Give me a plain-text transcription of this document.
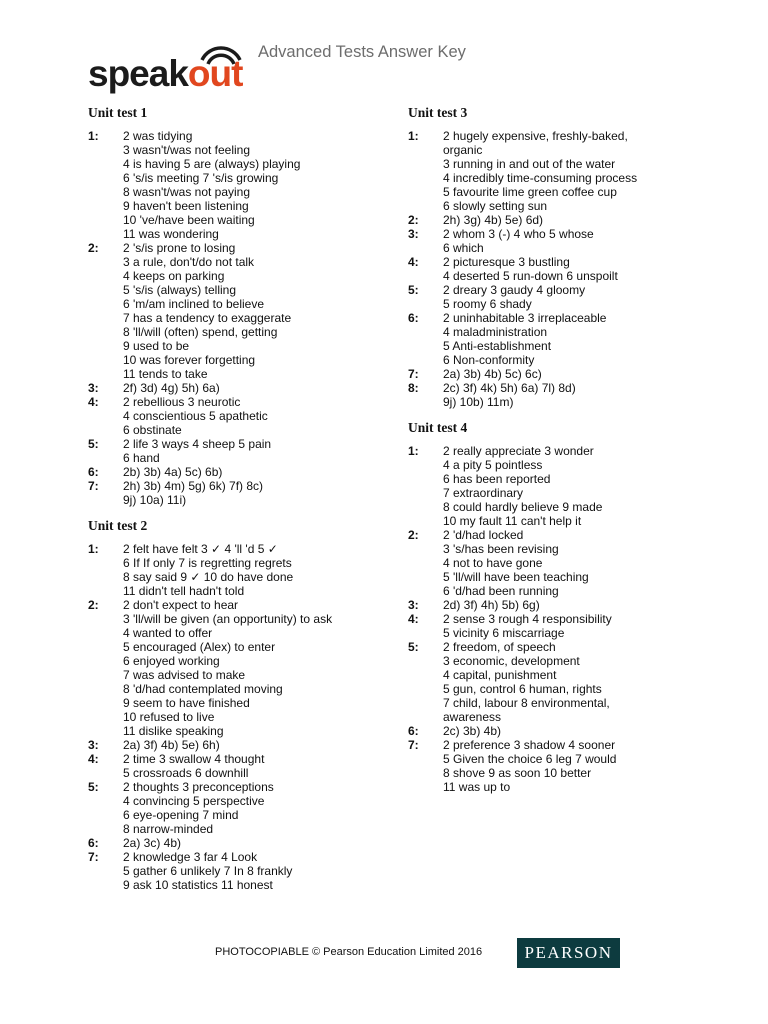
speakout
Advanced Tests Answer Key
Unit test 1
1:	2 was tidying
3 wasn't/was not feeling
4 is having 5 are (always) playing
6 's/is meeting 7 's/is growing
8 wasn't/was not paying
9 haven't been listening
10 've/have been waiting
11 was wondering
2:	2 's/is prone to losing
3 a rule, don't/do not talk
4 keeps on parking
5 's/is (always) telling
6 'm/am inclined to believe
7 has a tendency to exaggerate
8 'll/will (often) spend, getting
9 used to be
10 was forever forgetting
11 tends to take
3:	2f) 3d) 4g) 5h) 6a)
4:	2 rebellious 3 neurotic
4 conscientious 5 apathetic
6 obstinate
5:	2 life 3 ways 4 sheep 5 pain
6 hand
6:	2b) 3b) 4a) 5c) 6b)
7:	2h) 3b) 4m) 5g) 6k) 7f) 8c)
9j) 10a) 11i)
Unit test 2
1:	2 felt have felt 3 ✓ 4 'll 'd 5 ✓
6 If If only 7 is regretting regrets
8 say said 9 ✓ 10 do have done
11 didn't tell hadn't told
2:	2 don't expect to hear
3 'll/will be given (an opportunity) to ask
4 wanted to offer
5 encouraged (Alex) to enter
6 enjoyed working
7 was advised to make
8 'd/had contemplated moving
9 seem to have finished
10 refused to live
11 dislike speaking
3:	2a) 3f) 4b) 5e) 6h)
4:	2 time 3 swallow 4 thought
5 crossroads 6 downhill
5:	2 thoughts 3 preconceptions
4 convincing 5 perspective
6 eye-opening 7 mind
8 narrow-minded
6:	2a) 3c) 4b)
7:	2 knowledge 3 far 4 Look
5 gather 6 unlikely 7 In 8 frankly
9 ask 10 statistics 11 honest
Unit test 3
1:	2 hugely expensive, freshly-baked,
organic
3 running in and out of the water
4 incredibly time-consuming process
5 favourite lime green coffee cup
6 slowly setting sun
2:	2h) 3g) 4b) 5e) 6d)
3:	2 whom 3 (-) 4 who 5 whose
6 which
4:	2 picturesque 3 bustling
4 deserted 5 run-down 6 unspoilt
5:	2 dreary 3 gaudy 4 gloomy
5 roomy 6 shady
6:	2 uninhabitable 3 irreplaceable
4 maladministration
5 Anti-establishment
6 Non-conformity
7:	2a) 3b) 4b) 5c) 6c)
8:	2c) 3f) 4k) 5h) 6a) 7l) 8d)
9j) 10b) 11m)
Unit test 4
1:	2 really appreciate 3 wonder
4 a pity 5 pointless
6 has been reported
7 extraordinary
8 could hardly believe 9 made
10 my fault 11 can't help it
2:	2 'd/had locked
3 's/has been revising
4 not to have gone
5 'll/will have been teaching
6 'd/had been running
3:	2d) 3f) 4h) 5b) 6g)
4:	2 sense 3 rough 4 responsibility
5 vicinity 6 miscarriage
5:	2 freedom, of speech
3 economic, development
4 capital, punishment
5 gun, control 6 human, rights
7 child, labour 8 environmental,
awareness
6:	2c) 3b) 4b)
7:	2 preference 3 shadow 4 sooner
5 Given the choice 6 leg 7 would
8 shove 9 as soon 10 better
11 was up to
PHOTOCOPIABLE © Pearson Education Limited 2016	PEARSON
